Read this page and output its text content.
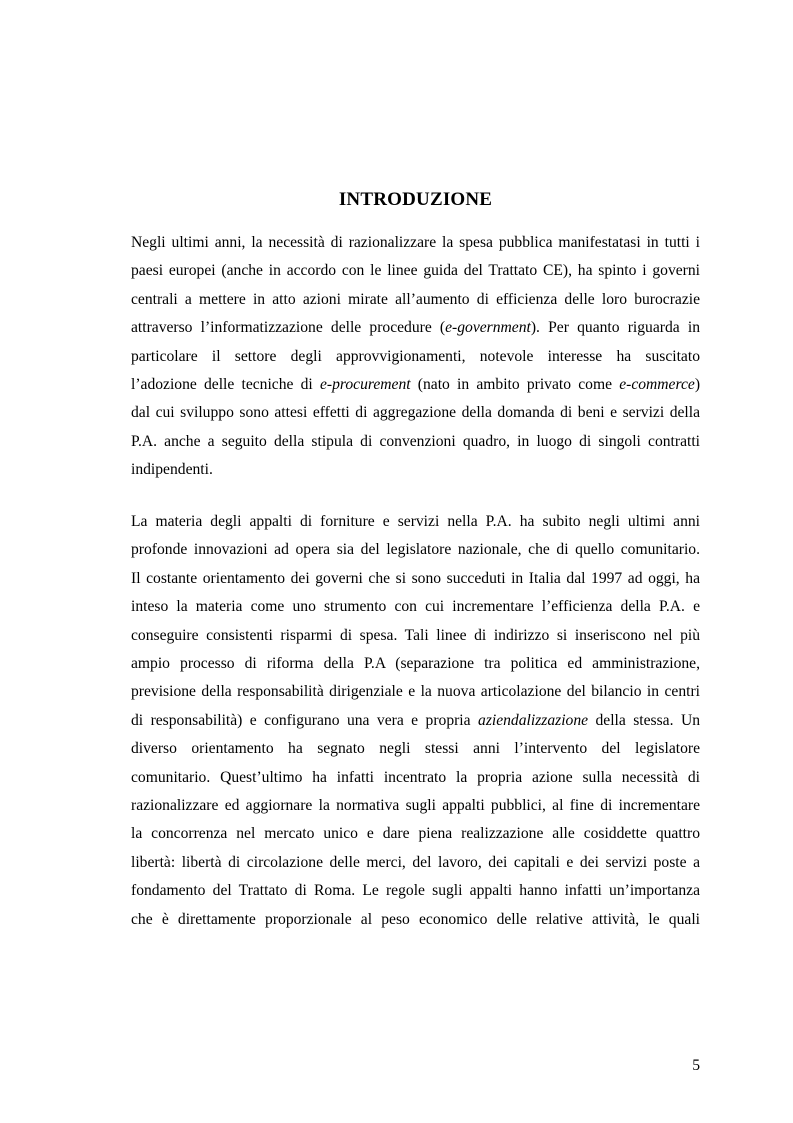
INTRODUZIONE

Negli ultimi anni, la necessità di razionalizzare la spesa pubblica manifestatasi in tutti i
paesi europei (anche in accordo con le linee guida del Trattato CE), ha spinto i governi
centrali a mettere in atto azioni mirate all’aumento di efficienza delle loro burocrazie
attraverso l’informatizzazione delle procedure (e-government). Per quanto riguarda in
particolare il settore degli approvvigionamenti, notevole interesse ha suscitato
l’adozione delle tecniche di e-procurement (nato in ambito privato come e-commerce)
dal cui sviluppo sono attesi effetti di aggregazione della domanda di beni e servizi della
P.A. anche a seguito della stipula di convenzioni quadro, in luogo di singoli contratti
indipendenti.

La materia degli appalti di forniture e servizi nella P.A. ha subito negli ultimi anni
profonde innovazioni ad opera sia del legislatore nazionale, che di quello comunitario.
Il costante orientamento dei governi che si sono succeduti in Italia dal 1997 ad oggi, ha
inteso la materia come uno strumento con cui incrementare l’efficienza della P.A. e
conseguire consistenti risparmi di spesa. Tali linee di indirizzo si inseriscono nel più
ampio processo di riforma della P.A (separazione tra politica ed amministrazione,
previsione della responsabilità dirigenziale e la nuova articolazione del bilancio in centri
di responsabilità) e configurano una vera e propria aziendalizzazione della stessa. Un
diverso orientamento ha segnato negli stessi anni l’intervento del legislatore
comunitario. Quest’ultimo ha infatti incentrato la propria azione sulla necessità di
razionalizzare ed aggiornare la normativa sugli appalti pubblici, al fine di incrementare
la concorrenza nel mercato unico e dare piena realizzazione alle cosiddette quattro
libertà: libertà di circolazione delle merci, del lavoro, dei capitali e dei servizi poste a
fondamento del Trattato di Roma. Le regole sugli appalti hanno infatti un’importanza
che è direttamente proporzionale al peso economico delle relative attività, le quali

5
